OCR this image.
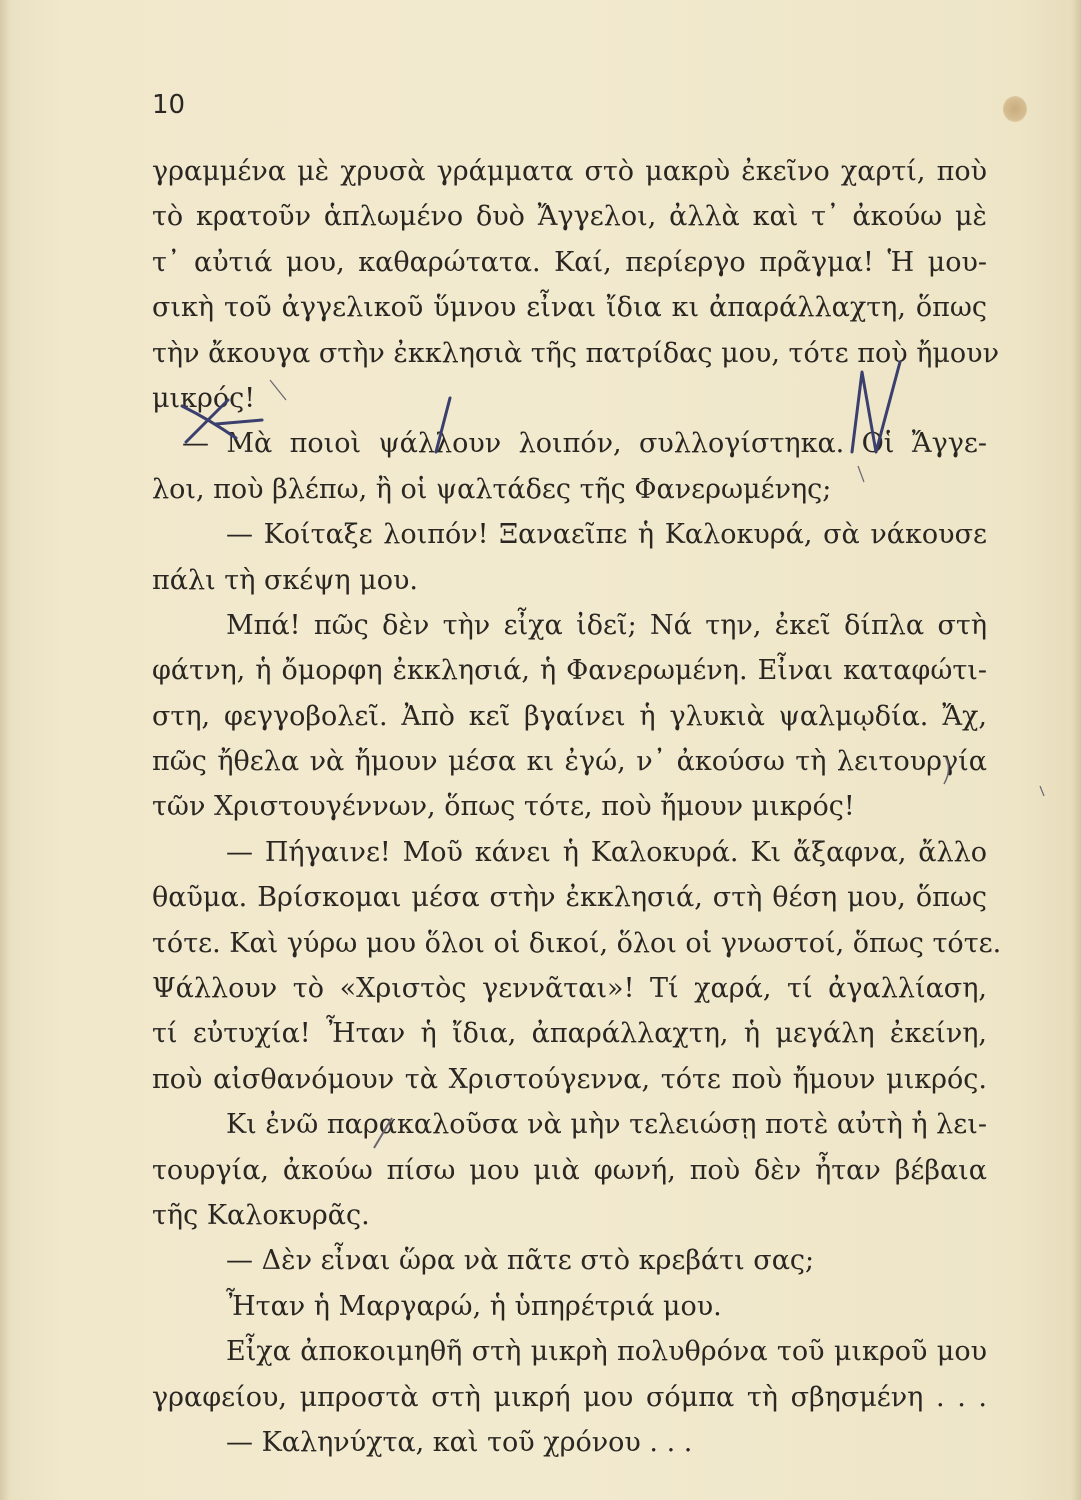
10
γραμμένα μὲ χρυσὰ γράμματα στὸ μακρὺ ἐκεῖνο χαρτί, ποὺ
τὸ κρατοῦν ἁπλωμένο δυὸ Ἄγγελοι, ἀλλὰ καὶ τ᾿ ἀκούω μὲ
τ᾿ αὐτιά μου, καθαρώτατα. Καί, περίεργο πρᾶγμα! Ἡ μου-
σικὴ τοῦ ἀγγελικοῦ ὕμνου εἶναι ἴδια κι ἀπαράλλαχτη, ὅπως
τὴν ἄκουγα στὴν ἐκκλησιὰ τῆς πατρίδας μου, τότε ποὺ ἤμουν
μικρός!
— Μὰ ποιοὶ ψάλλουν λοιπόν, συλλογίστηκα. Οἱ Ἄγγε-
λοι, ποὺ βλέπω, ἢ οἱ ψαλτάδες τῆς Φανερωμένης;
— Κοίταξε λοιπόν! Ξαναεῖπε ἡ Καλοκυρά, σὰ νάκουσε
πάλι τὴ σκέψη μου.
Μπά! πῶς δὲν τὴν εἶχα ἰδεῖ; Νά την, ἐκεῖ δίπλα στὴ
φάτνη, ἡ ὄμορφη ἐκκλησιά, ἡ Φανερωμένη. Εἶναι καταφώτι-
στη, φεγγοβολεῖ. Ἀπὸ κεῖ βγαίνει ἡ γλυκιὰ ψαλμῳδία. Ἄχ,
πῶς ἤθελα νὰ ἤμουν μέσα κι ἐγώ, ν᾿ ἀκούσω τὴ λειτουργία
τῶν Χριστουγέννων, ὅπως τότε, ποὺ ἤμουν μικρός!
— Πήγαινε! Μοῦ κάνει ἡ Καλοκυρά. Κι ἄξαφνα, ἄλλο
θαῦμα. Βρίσκομαι μέσα στὴν ἐκκλησιά, στὴ θέση μου, ὅπως
τότε. Καὶ γύρω μου ὅλοι οἱ δικοί, ὅλοι οἱ γνωστοί, ὅπως τότε.
Ψάλλουν τὸ «Χριστὸς γεννᾶται»! Τί χαρά, τί ἀγαλλίαση,
τί εὐτυχία! Ἦταν ἡ ἴδια, ἀπαράλλαχτη, ἡ μεγάλη ἐκείνη,
ποὺ αἰσθανόμουν τὰ Χριστούγεννα, τότε ποὺ ἤμουν μικρός.
Κι ἐνῶ παρακαλοῦσα νὰ μὴν τελειώσῃ ποτὲ αὐτὴ ἡ λει-
τουργία, ἀκούω πίσω μου μιὰ φωνή, ποὺ δὲν ἦταν βέβαια
τῆς Καλοκυρᾶς.
— Δὲν εἶναι ὥρα νὰ πᾶτε στὸ κρεβάτι σας;
Ἦταν ἡ Μαργαρώ, ἡ ὑπηρέτριά μου.
Εἶχα ἀποκοιμηθῆ στὴ μικρὴ πολυθρόνα τοῦ μικροῦ μου
γραφείου, μπροστὰ στὴ μικρή μου σόμπα τὴ σβησμένη . . .
— Καληνύχτα, καὶ τοῦ χρόνου . . .
